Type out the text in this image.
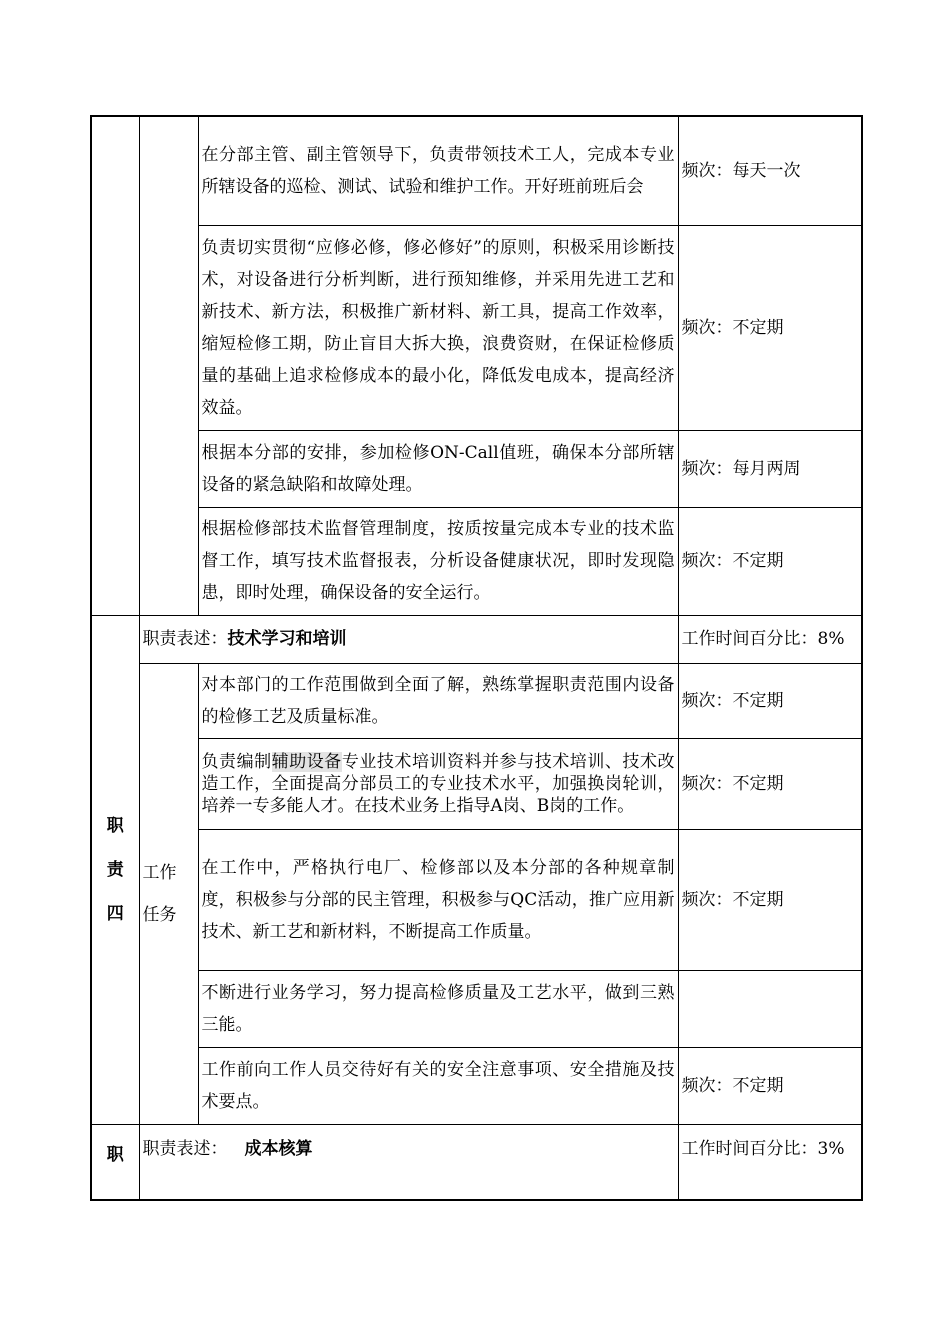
		在分部主管、副主管领导下，负责带领技术工人，完成本专业所辖设备的巡检、测试、试验和维护工作。开好班前班后会	频次：每天一次
		负责切实贯彻“应修必修，修必修好”的原则，积极采用诊断技术，对设备进行分析判断，进行预知维修，并采用先进工艺和新技术、新方法，积极推广新材料、新工具，提高工作效率，缩短检修工期，防止盲目大拆大换，浪费资财，在保证检修质量的基础上追求检修成本的最小化，降低发电成本，提高经济效益。	频次：不定期
		根据本分部的安排，参加检修ON-Call值班，确保本分部所辖设备的紧急缺陷和故障处理。	频次：每月两周
		根据检修部技术监督管理制度，按质按量完成本专业的技术监督工作，填写技术监督报表，分析设备健康状况，即时发现隐患，即时处理，确保设备的安全运行。	频次：不定期

职
责
四	职责表述：技术学习和培训		工作时间百分比：8%

	工作
任务	对本部门的工作范围做到全面了解，熟练掌握职责范围内设备的检修工艺及质量标准。	频次：不定期
		负责编制辅助设备专业技术培训资料并参与技术培训、技术改造工作，全面提高分部员工的专业技术水平，加强换岗轮训，培养一专多能人才。在技术业务上指导A岗、B岗的工作。	频次：不定期
		在工作中，严格执行电厂、检修部以及本分部的各种规章制度，积极参与分部的民主管理，积极参与QC活动，推广应用新技术、新工艺和新材料，不断提高工作质量。	频次：不定期
		不断进行业务学习，努力提高检修质量及工艺水平，做到三熟三能。	
		工作前向工作人员交待好有关的安全注意事项、安全措施及技术要点。	频次：不定期
职	职责表述： 成本核算		工作时间百分比：3%
